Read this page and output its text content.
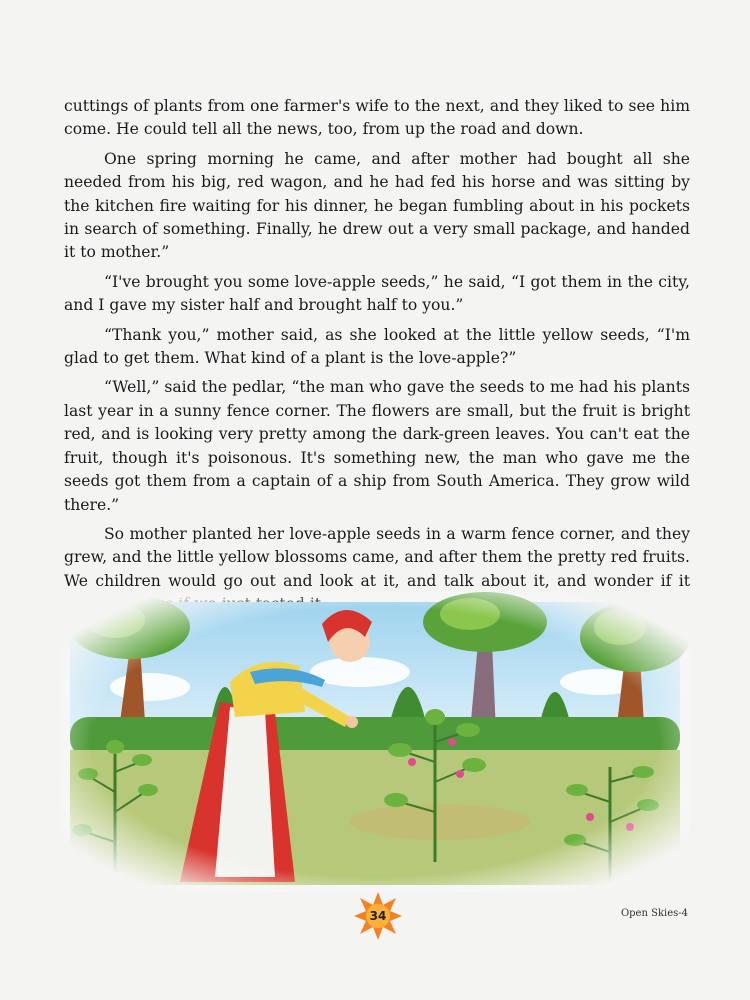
cuttings of plants from one farmer's wife to the next, and they liked to see him come. He could tell all the news, too, from up the road and down.

One spring morning he came, and after mother had bought all she needed from his big, red wagon, and he had fed his horse and was sitting by the kitchen fire waiting for his dinner, he began fumbling about in his pockets in search of something. Finally, he drew out a very small package, and handed it to mother.”

“I've brought you some love-apple seeds,” he said, “I got them in the city, and I gave my sister half and brought half to you.”

“Thank you,” mother said, as she looked at the little yellow seeds, “I'm glad to get them. What kind of a plant is the love-apple?”

“Well,” said the pedlar, “the man who gave the seeds to me had his plants last year in a sunny fence corner. The flowers are small, but the fruit is bright red, and is looking very pretty among the dark-green leaves. You can't eat the fruit, though it's poisonous. It's something new, the man who gave me the seeds got them from a captain of a ship from South America. They grow wild there.”

So mother planted her love-apple seeds in a warm fence corner, and they grew, and the little yellow blossoms came, and after them the pretty red fruits. We children would go out and look at it, and talk about it, and wonder if it

34	Open Skies-4
